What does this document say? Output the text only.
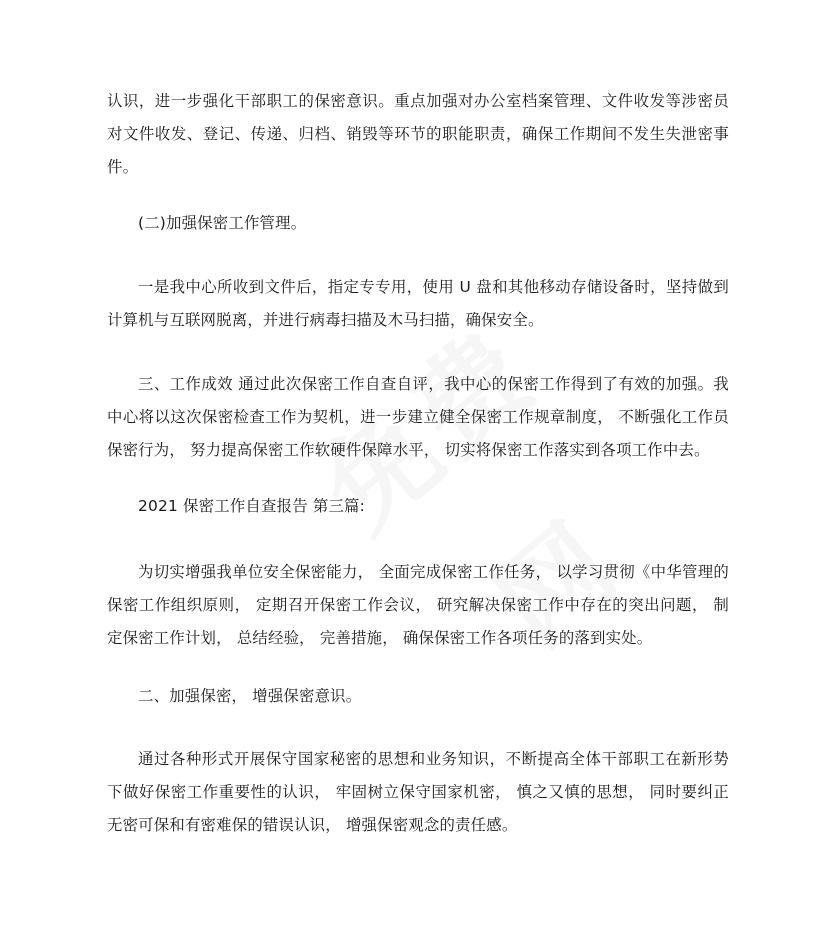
认识，进一步强化干部职工的保密意识。重点加强对办公室档案管理、文件收发等涉密员对文件收发、登记、传递、归档、销毁等环节的职能职责，确保工作期间不发生失泄密事件。

(二)加强保密工作管理。

一是我中心所收到文件后，指定专专用，使用 U 盘和其他移动存储设备时，坚持做到计算机与互联网脱离，并进行病毒扫描及木马扫描，确保安全。

三、工作成效 通过此次保密工作自查自评，我中心的保密工作得到了有效的加强。我中心将以这次保密检查工作为契机，进一步建立健全保密工作规章制度， 不断强化工作员保密行为， 努力提高保密工作软硬件保障水平， 切实将保密工作落实到各项工作中去。

2021 保密工作自查报告 第三篇:

为切实增强我单位安全保密能力， 全面完成保密工作任务， 以学习贯彻《中华管理的保密工作组织原则， 定期召开保密工作会议， 研究解决保密工作中存在的突出问题， 制定保密工作计划， 总结经验， 完善措施， 确保保密工作各项任务的落到实处。

二、加强保密， 增强保密意识。

通过各种形式开展保守国家秘密的思想和业务知识，不断提高全体干部职工在新形势下做好保密工作重要性的认识， 牢固树立保守国家机密， 慎之又慎的思想， 同时要纠正无密可保和有密难保的错误认识， 增强保密观念的责任感。
